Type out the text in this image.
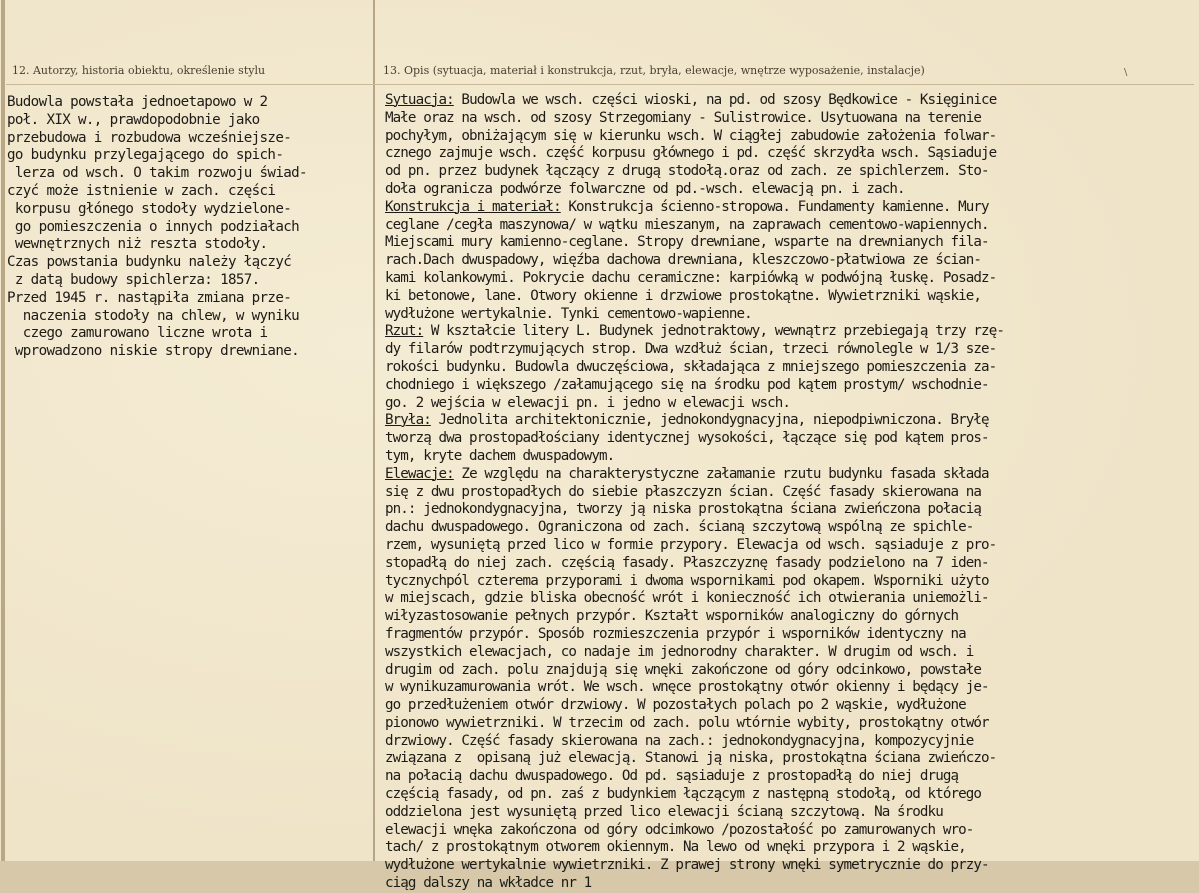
12. Autorzy, historia obiektu, określenie stylu	13. Opis (sytuacja, materiał i konstrukcja, rzut, bryła, elewacje, wnętrze wyposażenie, instalacje)	\
Budowla powstała jednoetapowo w 2
poł. XIX w., prawdopodobnie jako
przebudowa i rozbudowa wcześniejsze-
go budynku przylegającego do spich-
lerza od wsch. O takim rozwoju świad-
czyć może istnienie w zach. części
korpusu głónego stodoły wydzielone-
go pomieszczenia o innych podziałach
wewnętrznych niż reszta stodoły.
Czas powstania budynku należy łączyć
z datą budowy spichlerza: 1857.
Przed 1945 r. nastąpiła zmiana prze-
naczenia stodoły na chlew, w wyniku
czego zamurowano liczne wrota i
wprowadzono niskie stropy drewniane.
Sytuacja: Budowla we wsch. części wioski, na pd. od szosy Będkowice - Księginice
Małe oraz na wsch. od szosy Strzegomiany - Sulistrowice. Usytuowana na terenie
pochyłym, obniżającym się w kierunku wsch. W ciągłej zabudowie założenia folwar-
cznego zajmuje wsch. część korpusu głównego i pd. część skrzydła wsch. Sąsiaduje
od pn. przez budynek łączący z drugą stodołą.oraz od zach. ze spichlerzem. Sto-
doła ogranicza podwórze folwarczne od pd.-wsch. elewacją pn. i zach.
Konstrukcja i materiał: Konstrukcja ścienno-stropowa. Fundamenty kamienne. Mury
ceglane /cegła maszynowa/ w wątku mieszanym, na zaprawach cementowo-wapiennych.
Miejscami mury kamienno-ceglane. Stropy drewniane, wsparte na drewnianych fila-
rach.Dach dwuspadowy, więźba dachowa drewniana, kleszczowo-płatwiowa ze ścian-
kami kolankowymi. Pokrycie dachu ceramiczne: karpiówką w podwójną łuskę. Posadz-
ki betonowe, lane. Otwory okienne i drzwiowe prostokątne. Wywietrzniki wąskie,
wydłużone wertykalnie. Tynki cementowo-wapienne.
Rzut: W kształcie litery L. Budynek jednotraktowy, wewnątrz przebiegają trzy rzę-
dy filarów podtrzymujących strop. Dwa wzdłuż ścian, trzeci równolegle w 1/3 sze-
rokości budynku. Budowla dwuczęściowa, składająca z mniejszego pomieszczenia za-
chodniego i większego /załamującego się na środku pod kątem prostym/ wschodnie-
go. 2 wejścia w elewacji pn. i jedno w elewacji wsch.
Bryła: Jednolita architektonicznie, jednokondygnacyjna, niepodpiwniczona. Bryłę
tworzą dwa prostopadłościany identycznej wysokości, łączące się pod kątem pros-
tym, kryte dachem dwuspadowym.
Elewacje: Ze względu na charakterystyczne załamanie rzutu budynku fasada składa
się z dwu prostopadłych do siebie płaszczyzn ścian. Część fasady skierowana na
pn.: jednokondygnacyjna, tworzy ją niska prostokątna ściana zwieńczona połacią
dachu dwuspadowego. Ograniczona od zach. ścianą szczytową wspólną ze spichle-
rzem, wysuniętą przed lico w formie przypory. Elewacja od wsch. sąsiaduje z pro-
stopadłą do niej zach. częścią fasady. Płaszczyznę fasady podzielono na 7 iden-
tycznychpól czterema przyporami i dwoma wspornikami pod okapem. Wsporniki użyto
w miejscach, gdzie bliska obecność wrót i konieczność ich otwierania uniemożli-
wiłyzastosowanie pełnych przypór. Kształt wsporników analogiczny do górnych
fragmentów przypór. Sposób rozmieszczenia przypór i wsporników identyczny na
wszystkich elewacjach, co nadaje im jednorodny charakter. W drugim od wsch. i
drugim od zach. polu znajdują się wnęki zakończone od góry odcinkowo, powstałe
w wynikuzamurowania wrót. We wsch. wnęce prostokątny otwór okienny i będący je-
go przedłużeniem otwór drzwiowy. W pozostałych polach po 2 wąskie, wydłużone
pionowo wywietrzniki. W trzecim od zach. polu wtórnie wybity, prostokątny otwór
drzwiowy. Część fasady skierowana na zach.: jednokondygnacyjna, kompozycyjnie
związana z  opisaną już elewacją. Stanowi ją niska, prostokątna ściana zwieńczo-
na połacią dachu dwuspadowego. Od pd. sąsiaduje z prostopadłą do niej drugą
częścią fasady, od pn. zaś z budynkiem łączącym z następną stodołą, od którego
oddzielona jest wysuniętą przed lico elewacji ścianą szczytową. Na środku
elewacji wnęka zakończona od góry odcimkowo /pozostałość po zamurowanych wro-
tach/ z prostokątnym otworem okiennym. Na lewo od wnęki przypora i 2 wąskie,
wydłużone wertykalnie wywietrzniki. Z prawej strony wnęki symetrycznie do przy-
ciąg dalszy na wkładce nr 1
